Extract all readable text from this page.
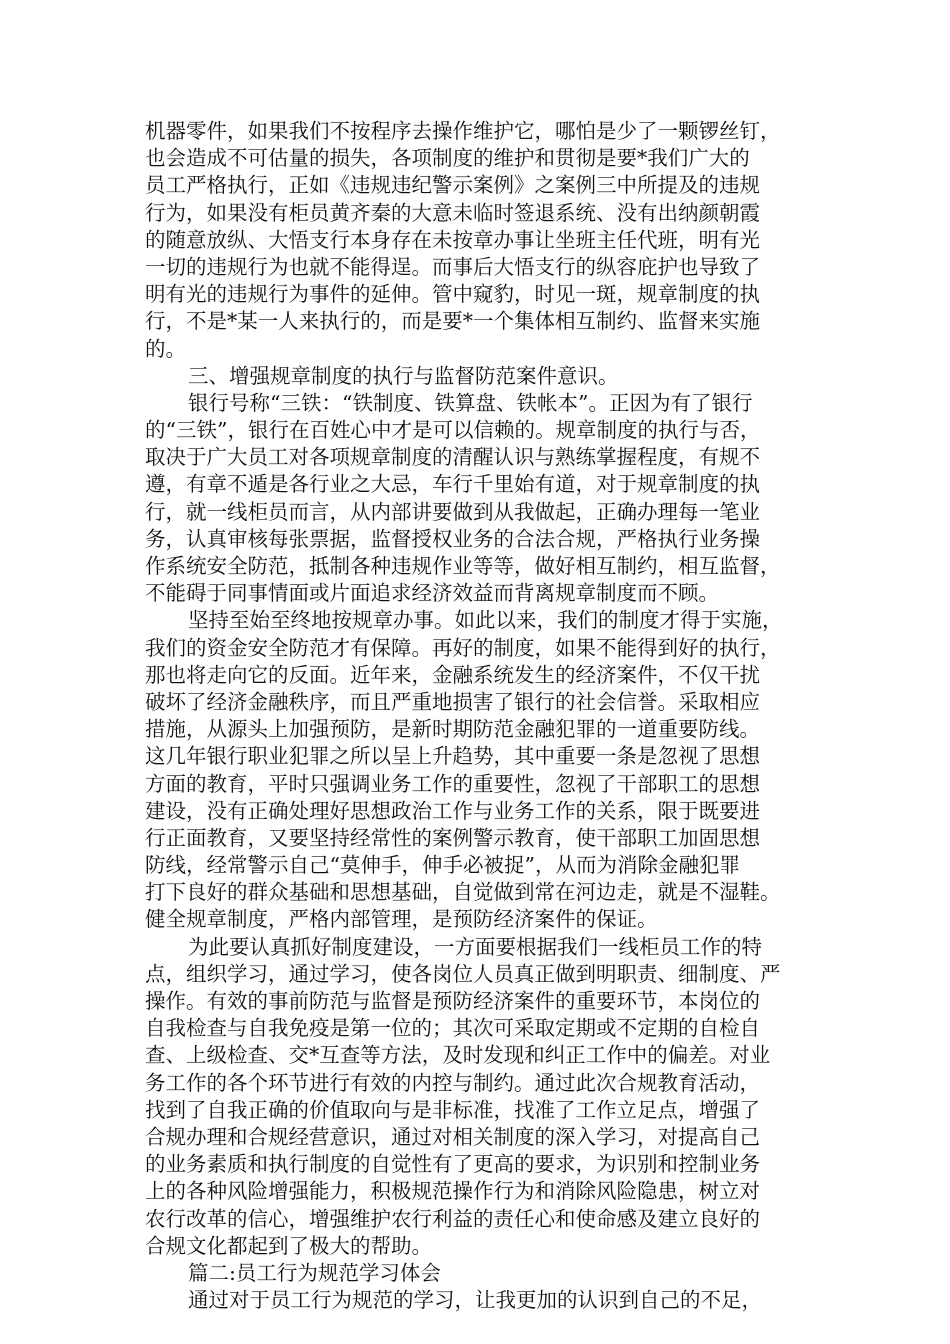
机器零件，如果我们不按程序去操作维护它，哪怕是少了一颗锣丝钉，
也会造成不可估量的损失，各项制度的维护和贯彻是要*我们广大的
员工严格执行，正如《违规违纪警示案例》之案例三中所提及的违规
行为，如果没有柜员黄齐秦的大意未临时签退系统、没有出纳颜朝霞
的随意放纵、大悟支行本身存在未按章办事让坐班主任代班，明有光
一切的违规行为也就不能得逞。而事后大悟支行的纵容庇护也导致了
明有光的违规行为事件的延伸。管中窥豹，时见一斑，规章制度的执
行，不是*某一人来执行的，而是要*一个集体相互制约、监督来实施
的。
三、增强规章制度的执行与监督防范案件意识。
银行号称“三铁：“铁制度、铁算盘、铁帐本”。正因为有了银行
的“三铁”，银行在百姓心中才是可以信赖的。规章制度的执行与否，
取决于广大员工对各项规章制度的清醒认识与熟练掌握程度，有规不
遵，有章不遁是各行业之大忌，车行千里始有道，对于规章制度的执
行，就一线柜员而言，从内部讲要做到从我做起，正确办理每一笔业
务，认真审核每张票据，监督授权业务的合法合规，严格执行业务操
作系统安全防范，抵制各种违规作业等等，做好相互制约，相互监督，
不能碍于同事情面或片面追求经济效益而背离规章制度而不顾。
坚持至始至终地按规章办事。如此以来，我们的制度才得于实施，
我们的资金安全防范才有保障。再好的制度，如果不能得到好的执行，
那也将走向它的反面。近年来，金融系统发生的经济案件，不仅干扰
破坏了经济金融秩序，而且严重地损害了银行的社会信誉。采取相应
措施，从源头上加强预防，是新时期防范金融犯罪的一道重要防线。
这几年银行职业犯罪之所以呈上升趋势，其中重要一条是忽视了思想
方面的教育，平时只强调业务工作的重要性，忽视了干部职工的思想
建设，没有正确处理好思想政治工作与业务工作的关系，限于既要进
行正面教育，又要坚持经常性的案例警示教育，使干部职工加固思想
防线，经常警示自己“莫伸手，伸手必被捉”，从而为消除金融犯罪
打下良好的群众基础和思想基础，自觉做到常在河边走，就是不湿鞋。
健全规章制度，严格内部管理，是预防经济案件的保证。
为此要认真抓好制度建设，一方面要根据我们一线柜员工作的特
点，组织学习，通过学习，使各岗位人员真正做到明职责、细制度、严
操作。有效的事前防范与监督是预防经济案件的重要环节，本岗位的
自我检查与自我免疫是第一位的；其次可采取定期或不定期的自检自
查、上级检查、交*互查等方法，及时发现和纠正工作中的偏差。对业
务工作的各个环节进行有效的内控与制约。通过此次合规教育活动，
找到了自我正确的价值取向与是非标准，找准了工作立足点，增强了
合规办理和合规经营意识，通过对相关制度的深入学习，对提高自己
的业务素质和执行制度的自觉性有了更高的要求，为识别和控制业务
上的各种风险增强能力，积极规范操作行为和消除风险隐患，树立对
农行改革的信心，增强维护农行利益的责任心和使命感及建立良好的
合规文化都起到了极大的帮助。
篇二:员工行为规范学习体会
通过对于员工行为规范的学习，让我更加的认识到自己的不足，
